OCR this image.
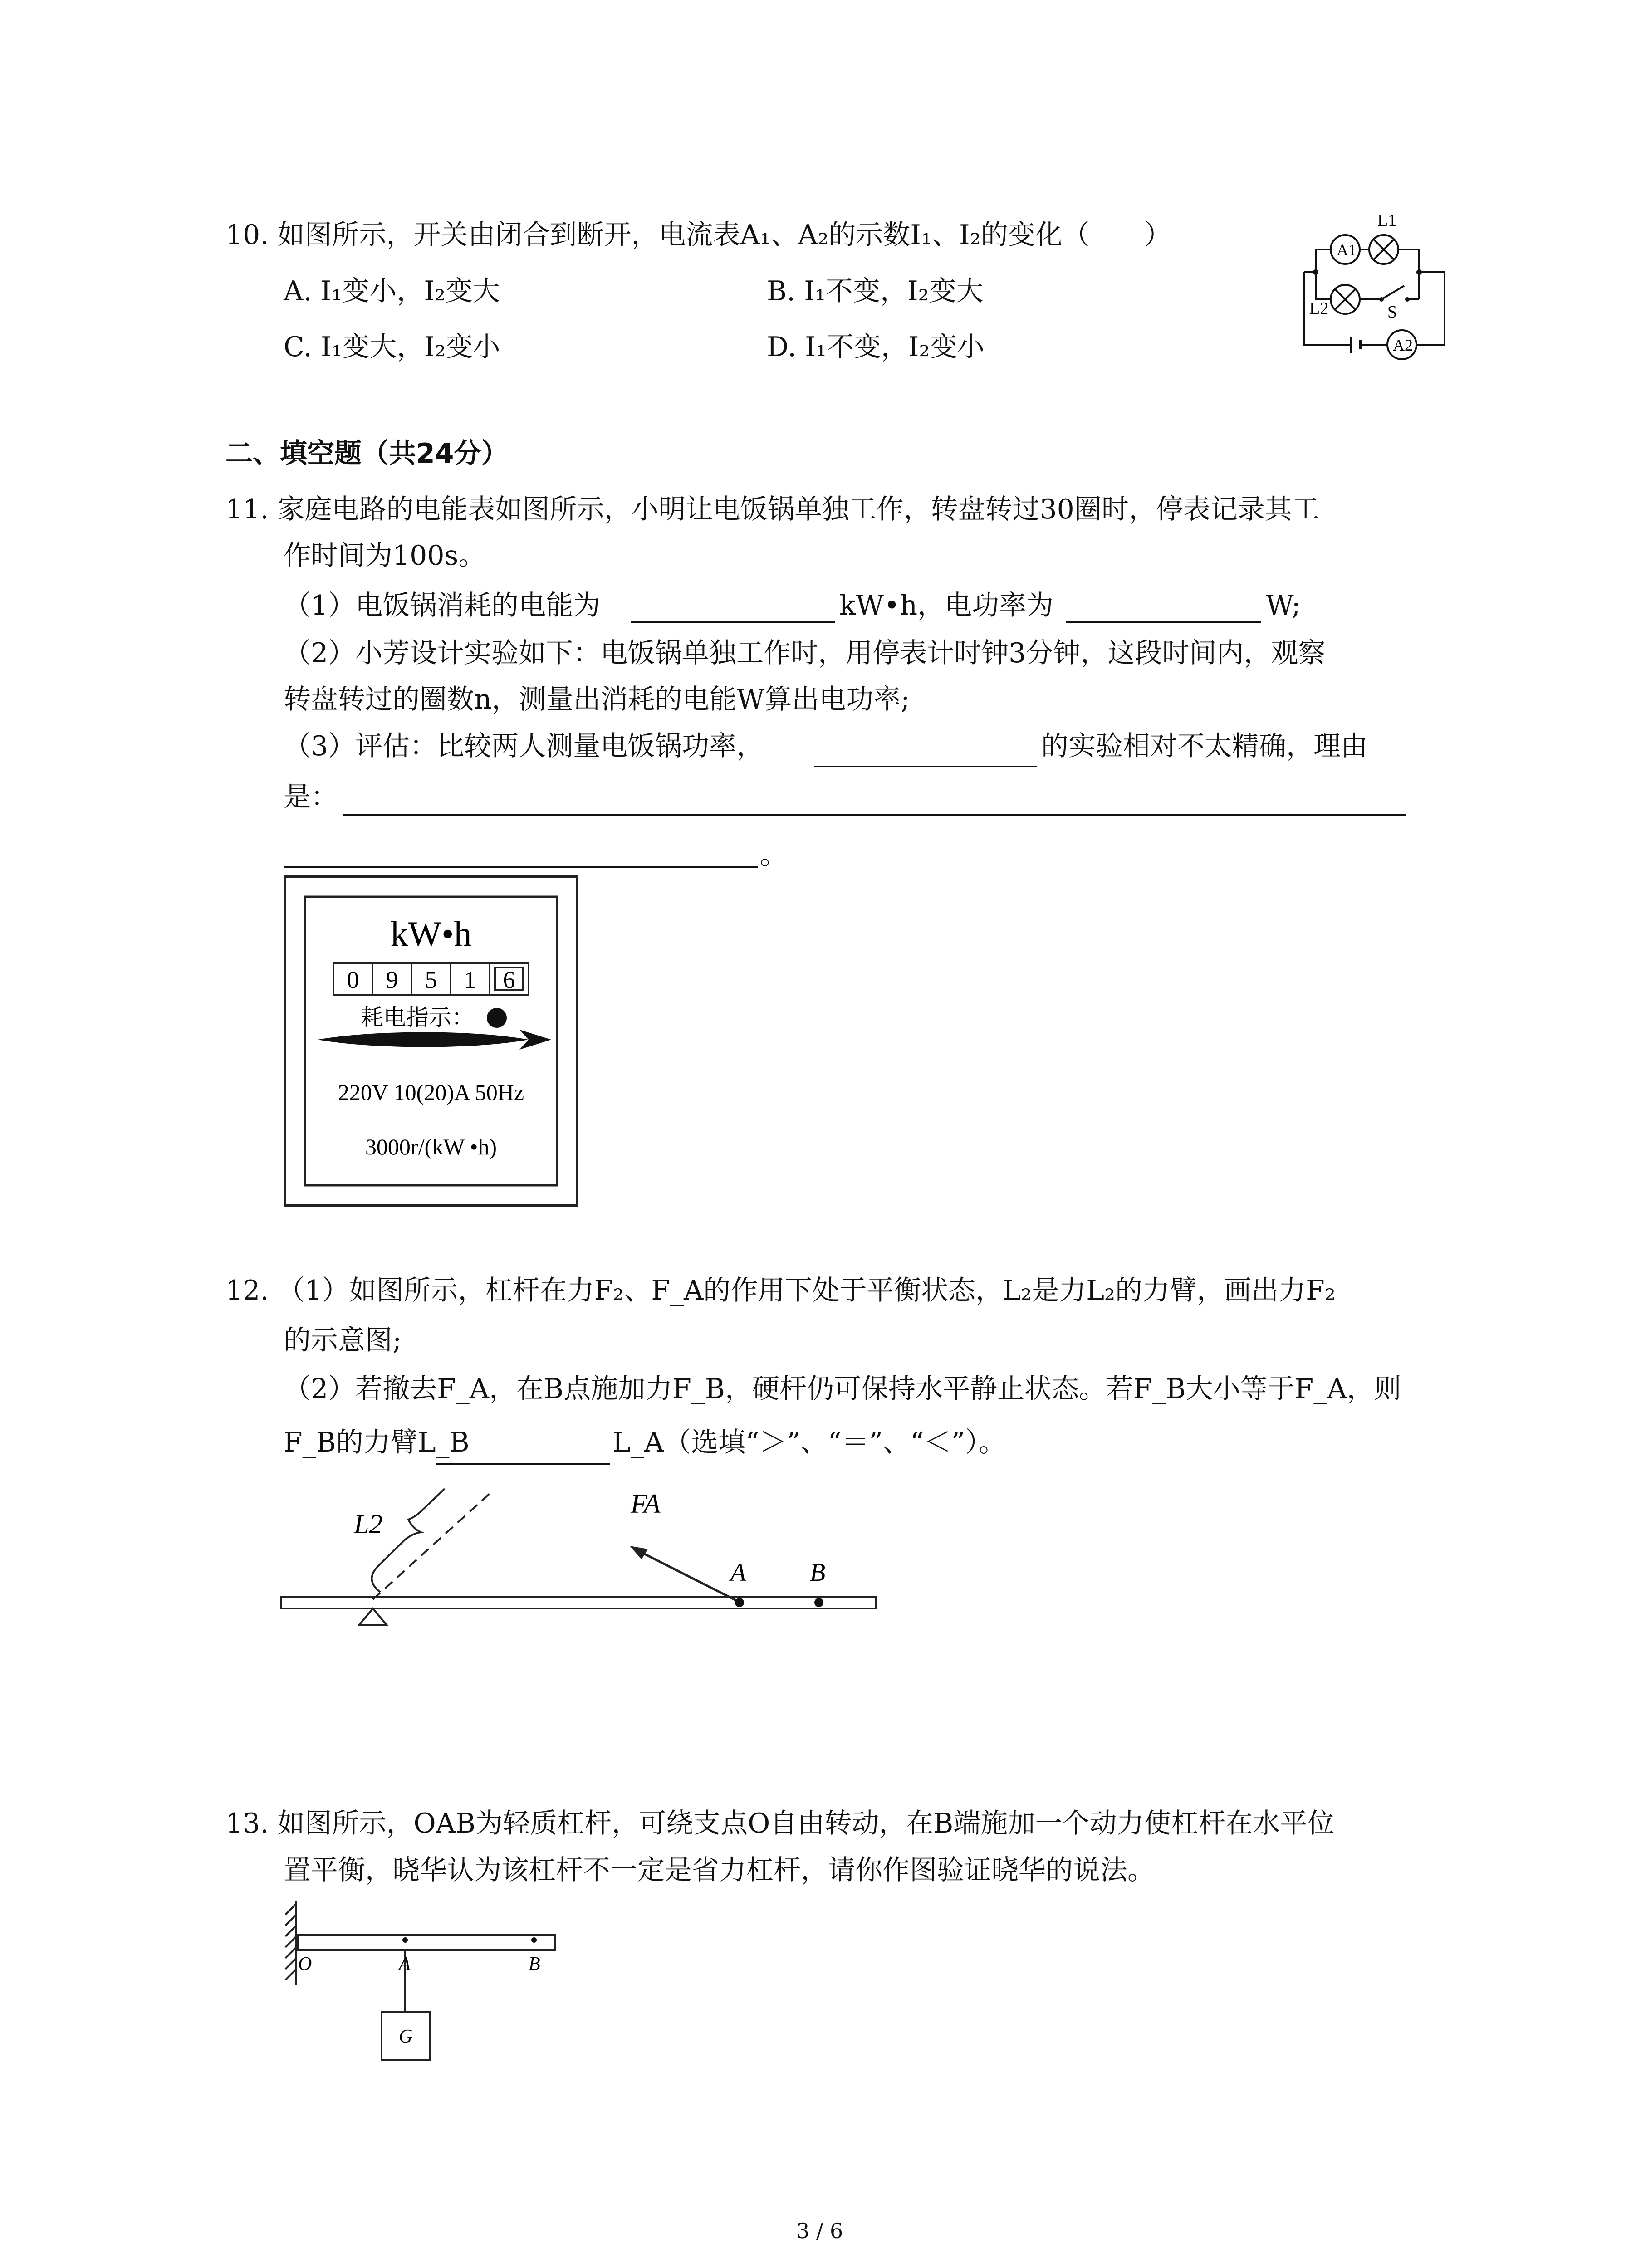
10. 如图所示，开关由闭合到断开，电流表A₁、A₂的示数I₁、I₂的变化（　　）
A. I₁变小，I₂变大	B. I₁不变，I₂变大
C. I₁变大，I₂变小	D. I₁不变，I₂变小
A1
A2
L1
L2	S
二、填空题（共24分）
11. 家庭电路的电能表如图所示，小明让电饭锅单独工作，转盘转过30圈时，停表记录其工
作时间为100s。
（1）电饭锅消耗的电能为	kW•h，电功率为	W;
（2）小芳设计实验如下：电饭锅单独工作时，用停表计时钟3分钟，这段时间内，观察
转盘转过的圈数n，测量出消耗的电能W算出电功率;
（3）评估：比较两人测量电饭锅功率，	的实验相对不太精确，理由
是：
。
kW•h
0 9 5 1 6
耗电指示：
220V 10(20)A 50Hz
3000r/(kW •h)
12. （1）如图所示，杠杆在力F₂、F_A的作用下处于平衡状态，L₂是力L₂的力臂，画出力F₂
的示意图;
（2）若撤去F_A，在B点施加力F_B，硬杆仍可保持水平静止状态。若F_B大小等于F_A，则
F_B的力臂L_B	L_A（选填“＞”、“＝”、“＜”）。
L2
FA
A	B
13. 如图所示，OAB为轻质杠杆，可绕支点O自由转动，在B端施加一个动力使杠杆在水平位
置平衡，晓华认为该杠杆不一定是省力杠杆，请你作图验证晓华的说法。
O	A	B
G
3 / 6
